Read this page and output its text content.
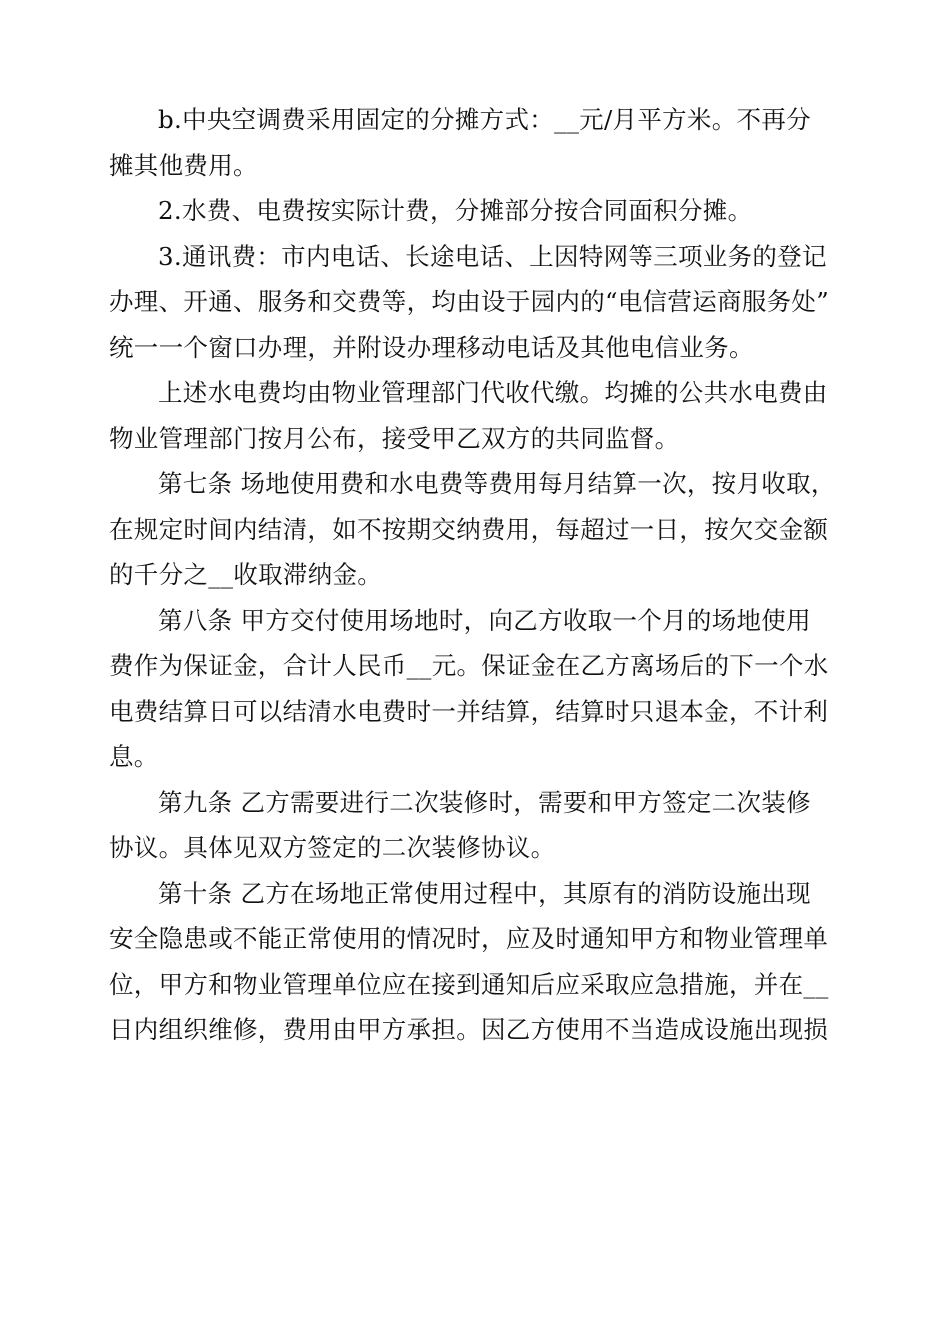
b.中央空调费采用固定的分摊方式：__元/月平方米。不再分
摊其他费用。

2.水费、电费按实际计费，分摊部分按合同面积分摊。

3.通讯费：市内电话、长途电话、上因特网等三项业务的登记
办理、开通、服务和交费等，均由设于园内的“电信营运商服务处”
统一一个窗口办理，并附设办理移动电话及其他电信业务。

上述水电费均由物业管理部门代收代缴。均摊的公共水电费由
物业管理部门按月公布，接受甲乙双方的共同监督。

第七条 场地使用费和水电费等费用每月结算一次，按月收取，
在规定时间内结清，如不按期交纳费用，每超过一日，按欠交金额
的千分之__收取滞纳金。

第八条 甲方交付使用场地时，向乙方收取一个月的场地使用
费作为保证金，合计人民币__元。保证金在乙方离场后的下一个水
电费结算日可以结清水电费时一并结算，结算时只退本金，不计利
息。

第九条 乙方需要进行二次装修时，需要和甲方签定二次装修
协议。具体见双方签定的二次装修协议。

第十条 乙方在场地正常使用过程中，其原有的消防设施出现
安全隐患或不能正常使用的情况时，应及时通知甲方和物业管理单
位，甲方和物业管理单位应在接到通知后应采取应急措施，并在__
日内组织维修，费用由甲方承担。因乙方使用不当造成设施出现损
